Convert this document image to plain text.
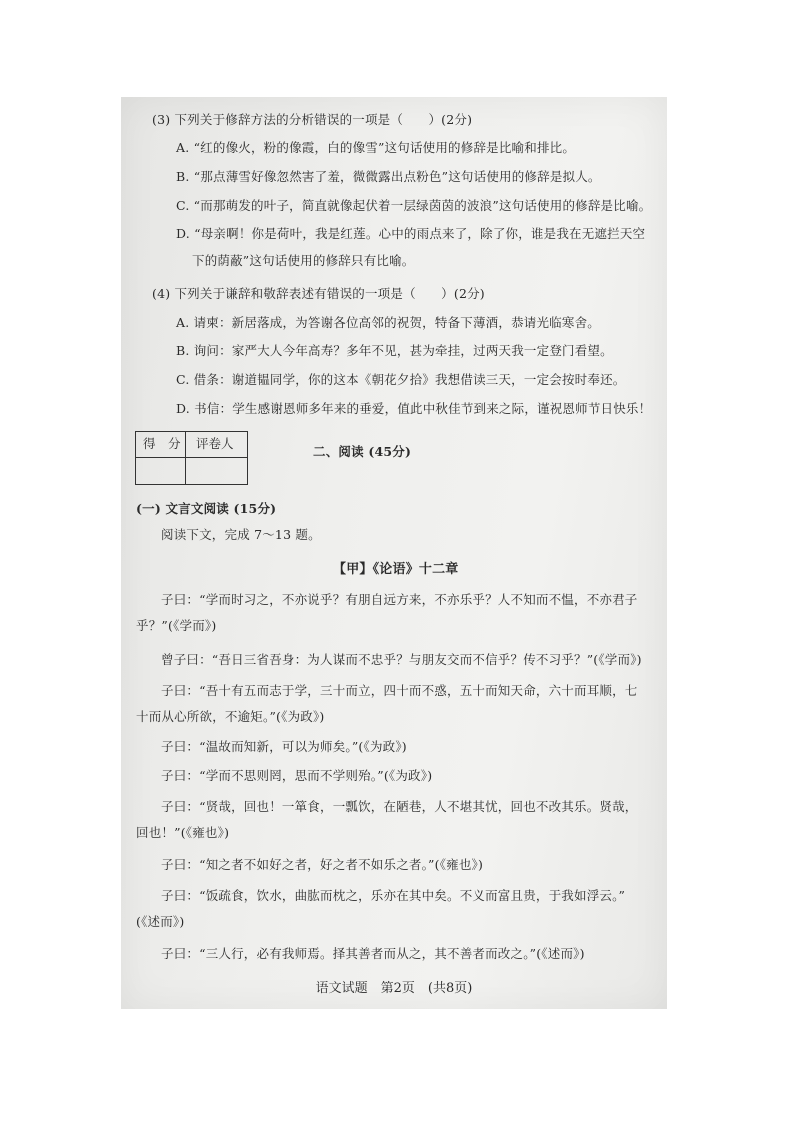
(3) 下列关于修辞方法的分析错误的一项是（　　）(2分)
A. “红的像火，粉的像霞，白的像雪”这句话使用的修辞是比喻和排比。
B. “那点薄雪好像忽然害了羞，微微露出点粉色”这句话使用的修辞是拟人。
C. “而那萌发的叶子，简直就像起伏着一层绿茵茵的波浪”这句话使用的修辞是比喻。
D. “母亲啊！你是荷叶，我是红莲。心中的雨点来了，除了你，谁是我在无遮拦天空
下的荫蔽”这句话使用的修辞只有比喻。
(4) 下列关于谦辞和敬辞表述有错误的一项是（　　）(2分)
A. 请柬：新居落成，为答谢各位高邻的祝贺，特备下薄酒，恭请光临寒舍。
B. 询问：家严大人今年高寿？多年不见，甚为牵挂，过两天我一定登门看望。
C. 借条：谢道韫同学，你的这本《朝花夕拾》我想借读三天，一定会按时奉还。
D. 书信：学生感谢恩师多年来的垂爱，值此中秋佳节到来之际，谨祝恩师节日快乐！
二、阅读 (45分)
(一) 文言文阅读 (15分)
阅读下文，完成 7～13 题。
【甲】《论语》十二章
子曰：“学而时习之，不亦说乎？有朋自远方来，不亦乐乎？人不知而不愠，不亦君子
乎？”(《学而》)
曾子曰：“吾日三省吾身：为人谋而不忠乎？与朋友交而不信乎？传不习乎？”(《学而》)
子曰：“吾十有五而志于学，三十而立，四十而不惑，五十而知天命，六十而耳顺，七
十而从心所欲，不逾矩。”(《为政》)
子曰：“温故而知新，可以为师矣。”(《为政》)
子曰：“学而不思则罔，思而不学则殆。”(《为政》)
子曰：“贤哉，回也！一箪食，一瓢饮，在陋巷，人不堪其忧，回也不改其乐。贤哉，
回也！”(《雍也》)
子曰：“知之者不如好之者，好之者不如乐之者。”(《雍也》)
子曰：“饭疏食，饮水，曲肱而枕之，乐亦在其中矣。不义而富且贵，于我如浮云。”
(《述而》)
子曰：“三人行，必有我师焉。择其善者而从之，其不善者而改之。”(《述而》)
语文试题　第2页　(共8页)
得　分 评卷人
